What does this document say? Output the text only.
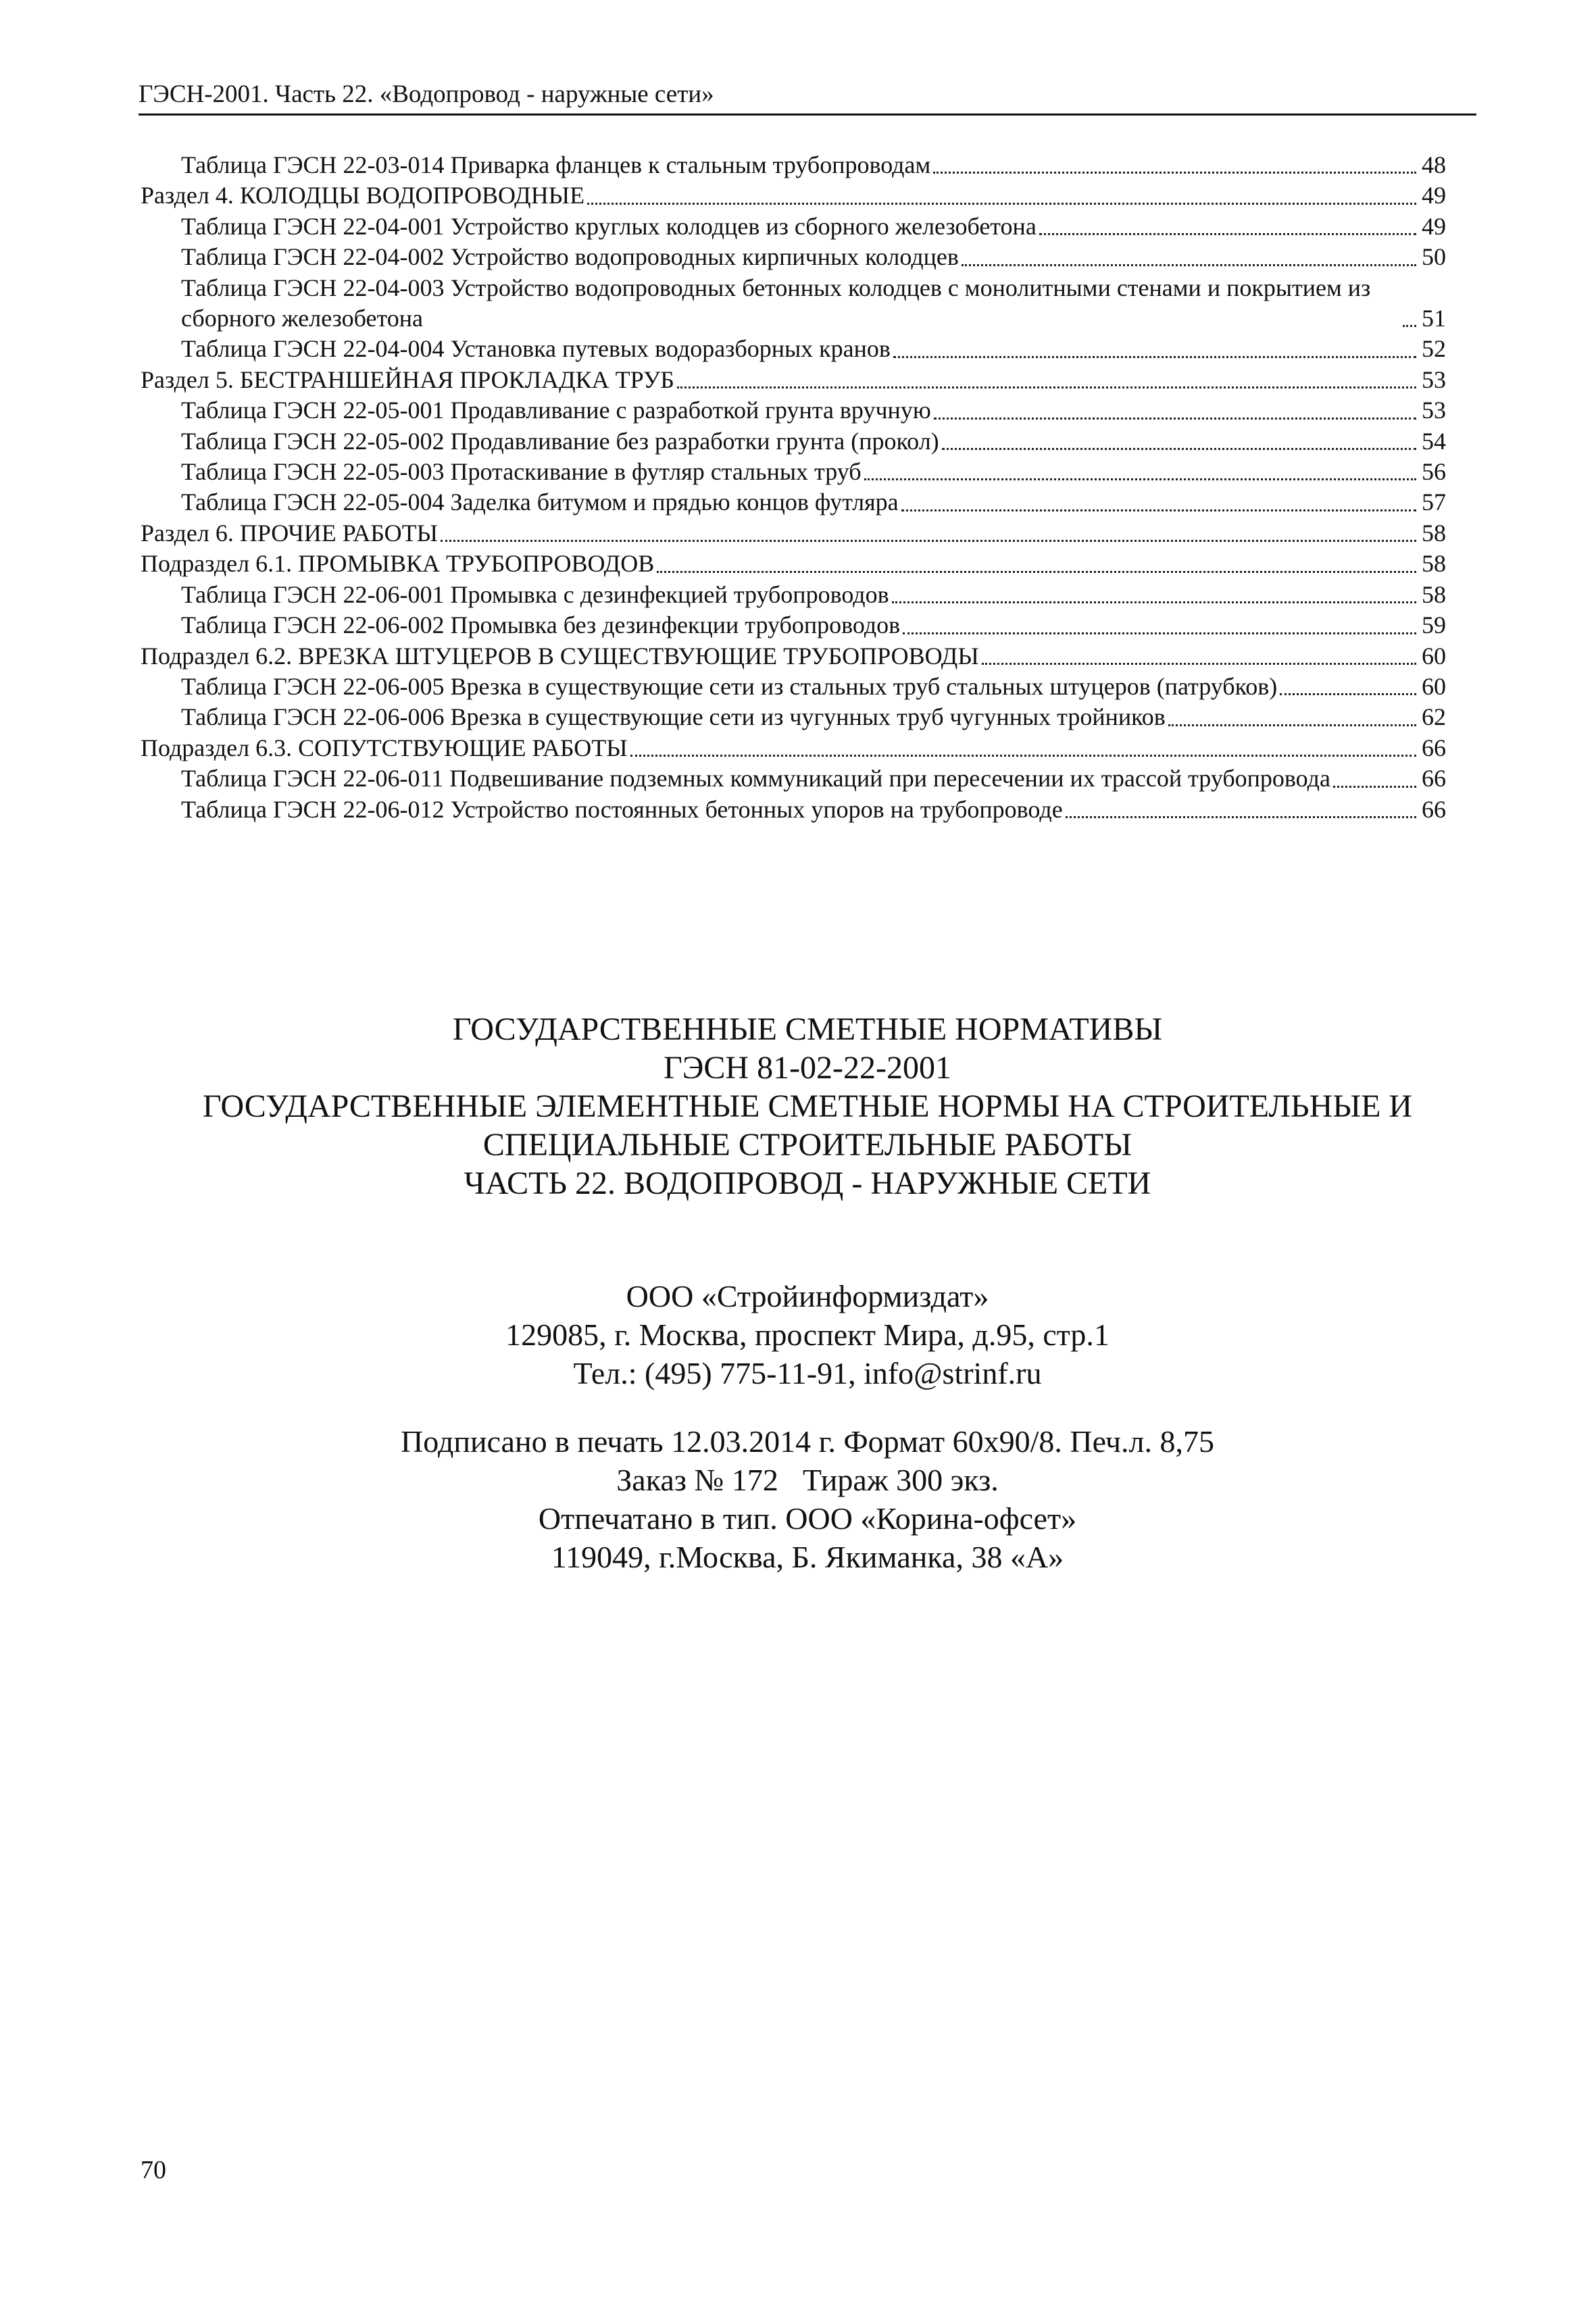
ГЭСН-2001. Часть 22. «Водопровод - наружные сети»
Таблица ГЭСН 22-03-014 Приварка фланцев к стальным трубопроводам	48
Раздел 4. КОЛОДЦЫ ВОДОПРОВОДНЫЕ	49
Таблица ГЭСН 22-04-001 Устройство круглых колодцев из сборного железобетона	49
Таблица ГЭСН 22-04-002 Устройство водопроводных кирпичных колодцев	50
Таблица ГЭСН 22-04-003 Устройство водопроводных бетонных колодцев с монолитными стенами и покрытием из сборного железобетона	51
Таблица ГЭСН 22-04-004 Установка путевых водоразборных кранов	52
Раздел 5. БЕСТРАНШЕЙНАЯ ПРОКЛАДКА ТРУБ	53
Таблица ГЭСН 22-05-001 Продавливание с разработкой грунта вручную	53
Таблица ГЭСН 22-05-002 Продавливание без разработки грунта (прокол)	54
Таблица ГЭСН 22-05-003 Протаскивание в футляр стальных труб	56
Таблица ГЭСН 22-05-004 Заделка битумом и прядью концов футляра	57
Раздел 6. ПРОЧИЕ РАБОТЫ	58
Подраздел 6.1. ПРОМЫВКА ТРУБОПРОВОДОВ	58
Таблица ГЭСН 22-06-001 Промывка с дезинфекцией трубопроводов	58
Таблица ГЭСН 22-06-002 Промывка без дезинфекции трубопроводов	59
Подраздел 6.2. ВРЕЗКА ШТУЦЕРОВ В СУЩЕСТВУЮЩИЕ ТРУБОПРОВОДЫ	60
Таблица ГЭСН 22-06-005 Врезка в существующие сети из стальных труб стальных штуцеров (патрубков)	60
Таблица ГЭСН 22-06-006 Врезка в существующие сети из чугунных труб чугунных тройников	62
Подраздел 6.3. СОПУТСТВУЮЩИЕ РАБОТЫ	66
Таблица ГЭСН 22-06-011 Подвешивание подземных коммуникаций при пересечении их трассой трубопровода	66
Таблица ГЭСН 22-06-012 Устройство постоянных бетонных упоров на трубопроводе	66
ГОСУДАРСТВЕННЫЕ СМЕТНЫЕ НОРМАТИВЫ
ГЭСН 81-02-22-2001
ГОСУДАРСТВЕННЫЕ ЭЛЕМЕНТНЫЕ СМЕТНЫЕ НОРМЫ НА СТРОИТЕЛЬНЫЕ И
СПЕЦИАЛЬНЫЕ СТРОИТЕЛЬНЫЕ РАБОТЫ
ЧАСТЬ 22. ВОДОПРОВОД - НАРУЖНЫЕ СЕТИ
ООО «Стройинформиздат»
129085, г. Москва, проспект Мира, д.95, стр.1
Тел.: (495) 775-11-91, info@strinf.ru
Подписано в печать 12.03.2014 г. Формат 60х90/8. Печ.л. 8,75
Заказ № 172 Тираж 300 экз.
Отпечатано в тип. ООО «Корина-офсет»
119049, г.Москва, Б. Якиманка, 38 «А»
70
